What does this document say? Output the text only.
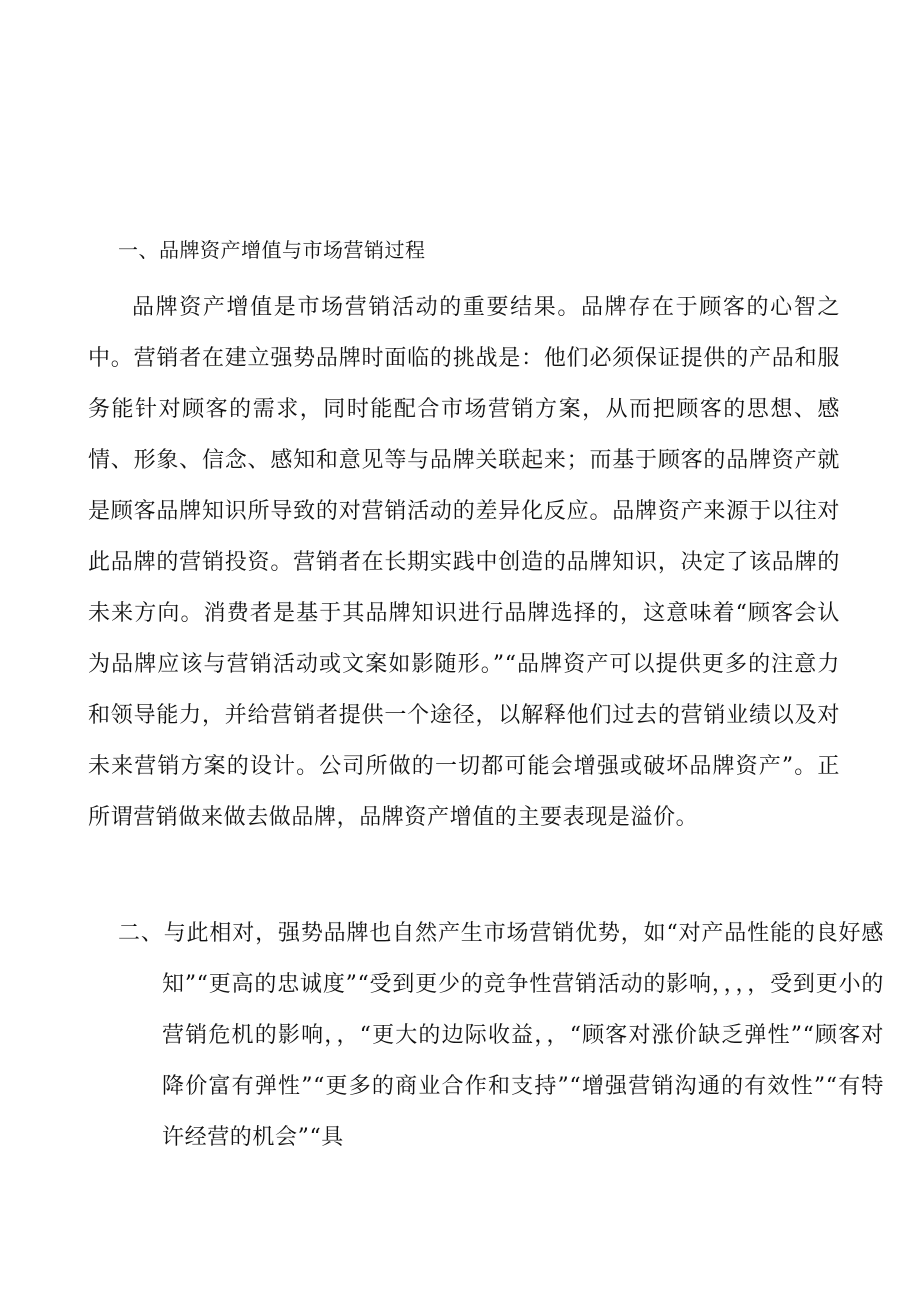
一、品牌资产增值与市场营销过程

品牌资产增值是市场营销活动的重要结果。品牌存在于顾客的心智之中。营销者在建立强势品牌时面临的挑战是：他们必须保证提供的产品和服务能针对顾客的需求，同时能配合市场营销方案，从而把顾客的思想、感情、形象、信念、感知和意见等与品牌关联起来；而基于顾客的品牌资产就是顾客品牌知识所导致的对营销活动的差异化反应。品牌资产来源于以往对此品牌的营销投资。营销者在长期实践中创造的品牌知识，决定了该品牌的未来方向。消费者是基于其品牌知识进行品牌选择的，这意味着“顾客会认为品牌应该与营销活动或文案如影随形。”“品牌资产可以提供更多的注意力和领导能力，并给营销者提供一个途径，以解释他们过去的营销业绩以及对未来营销方案的设计。公司所做的一切都可能会增强或破坏品牌资产”。正所谓营销做来做去做品牌，品牌资产增值的主要表现是溢价。

二、与此相对，强势品牌也自然产生市场营销优势，如“对产品性能的良好感知”“更高的忠诚度”“受到更少的竞争性营销活动的影响，，，，受到更小的营销危机的影响，，“更大的边际收益，，“顾客对涨价缺乏弹性”“顾客对降价富有弹性”“更多的商业合作和支持”“增强营销沟通的有效性”“有特许经营的机会”“具
